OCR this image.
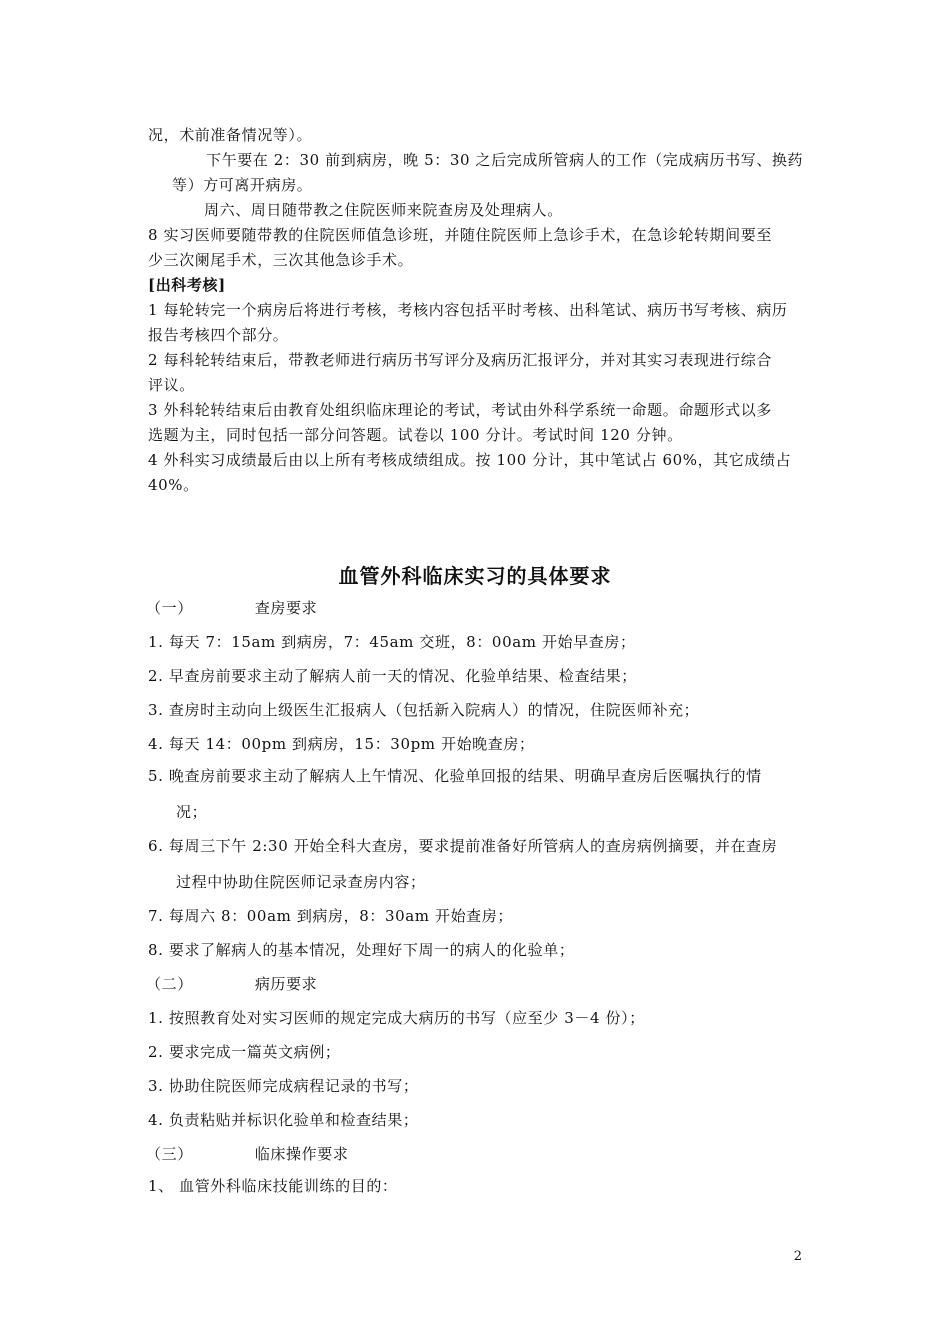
况，术前准备情况等）。
下午要在 2：30 前到病房，晚 5：30 之后完成所管病人的工作（完成病历书写、换药
等）方可离开病房。
周六、周日随带教之住院医师来院查房及处理病人。
8 实习医师要随带教的住院医师值急诊班，并随住院医师上急诊手术，在急诊轮转期间要至
少三次阑尾手术，三次其他急诊手术。
[出科考核]
1 每轮转完一个病房后将进行考核，考核内容包括平时考核、出科笔试、病历书写考核、病历
报告考核四个部分。
2 每科轮转结束后，带教老师进行病历书写评分及病历汇报评分，并对其实习表现进行综合
评议。
3 外科轮转结束后由教育处组织临床理论的考试，考试由外科学系统一命题。命题形式以多
选题为主，同时包括一部分问答题。试卷以 100 分计。考试时间 120 分钟。
4 外科实习成绩最后由以上所有考核成绩组成。按 100 分计，其中笔试占 60%，其它成绩占
40%。
血管外科临床实习的具体要求
（一）	查房要求
1. 每天 7：15am 到病房，7：45am 交班，8：00am 开始早查房；
2. 早查房前要求主动了解病人前一天的情况、化验单结果、检查结果；
3. 查房时主动向上级医生汇报病人（包括新入院病人）的情况，住院医师补充；
4. 每天 14：00pm 到病房，15：30pm 开始晚查房；
5. 晚查房前要求主动了解病人上午情况、化验单回报的结果、明确早查房后医嘱执行的情
况；
6. 每周三下午 2:30 开始全科大查房，要求提前准备好所管病人的查房病例摘要，并在查房
过程中协助住院医师记录查房内容；
7. 每周六 8：00am 到病房，8：30am 开始查房；
8. 要求了解病人的基本情况，处理好下周一的病人的化验单；
（二）	病历要求
1. 按照教育处对实习医师的规定完成大病历的书写（应至少 3－4 份）；
2. 要求完成一篇英文病例；
3. 协助住院医师完成病程记录的书写；
4. 负责粘贴并标识化验单和检查结果；
（三）	临床操作要求
1、 血管外科临床技能训练的目的：
2
